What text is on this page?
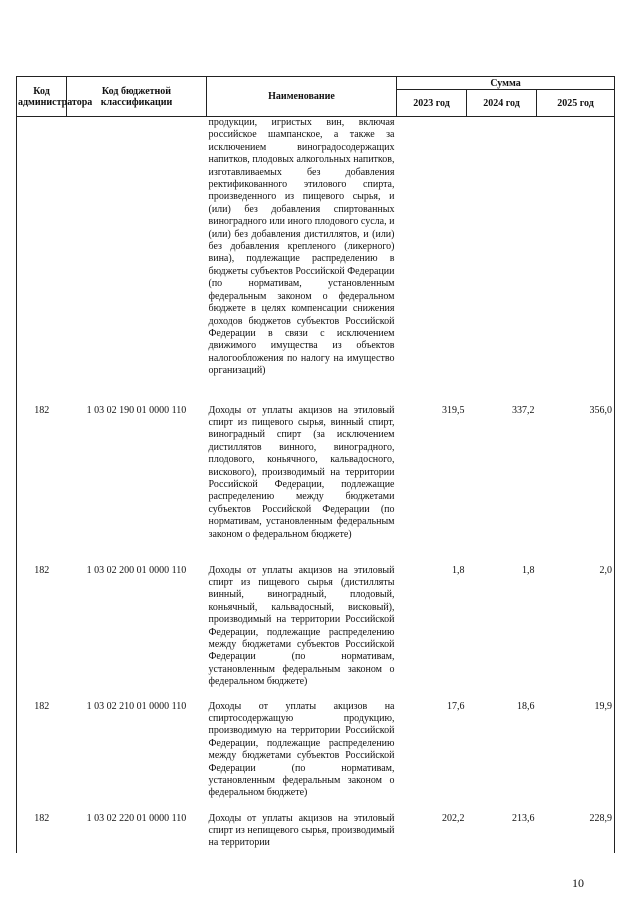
Код администратора	Код бюджетной классификации	Наименование	Сумма		
			2023 год	2024 год	2025 год
		продукции, игристых вин, включая российское шампанское, а также за исключением виноградосодержащих напитков, плодовых алкогольных напитков, изготавливаемых без добавления ректификованного этилового спирта, произведенного из пищевого сырья, и (или) без добавления спиртованных виноградного или иного плодового сусла, и (или) без добавления дистиллятов, и (или) без добавления крепленого (ликерного) вина), подлежащие распределению в бюджеты субъектов Российской Федерации (по нормативам, установленным федеральным законом о федеральном бюджете в целях компенсации снижения доходов бюджетов субъектов Российской Федерации в связи с исключением движимого имущества из объектов налогообложения по налогу на имущество организаций)			
182	1 03 02 190 01 0000 110	Доходы от уплаты акцизов на этиловый спирт из пищевого сырья, винный спирт, виноградный спирт (за исключением дистиллятов винного, виноградного, плодового, коньячного, кальвадосного, вискового), производимый на территории Российской Федерации, подлежащие распределению между бюджетами субъектов Российской Федерации (по нормативам, установленным федеральным законом о федеральном бюджете)	319,5	337,2	356,0
182	1 03 02 200 01 0000 110	Доходы от уплаты акцизов на этиловый спирт из пищевого сырья (дистилляты винный, виноградный, плодовый, коньячный, кальвадосный, висковый), производимый на территории Российской Федерации, подлежащие распределению между бюджетами субъектов Российской Федерации (по нормативам, установленным федеральным законом о федеральном бюджете)	1,8	1,8	2,0
182	1 03 02 210 01 0000 110	Доходы от уплаты акцизов на спиртосодержащую продукцию, производимую на территории Российской Федерации, подлежащие распределению между бюджетами субъектов Российской Федерации (по нормативам, установленным федеральным законом о федеральном бюджете)	17,6	18,6	19,9
182	1 03 02 220 01 0000 110	Доходы от уплаты акцизов на этиловый спирт из непищевого сырья, производимый на территории	202,2	213,6	228,9
10
